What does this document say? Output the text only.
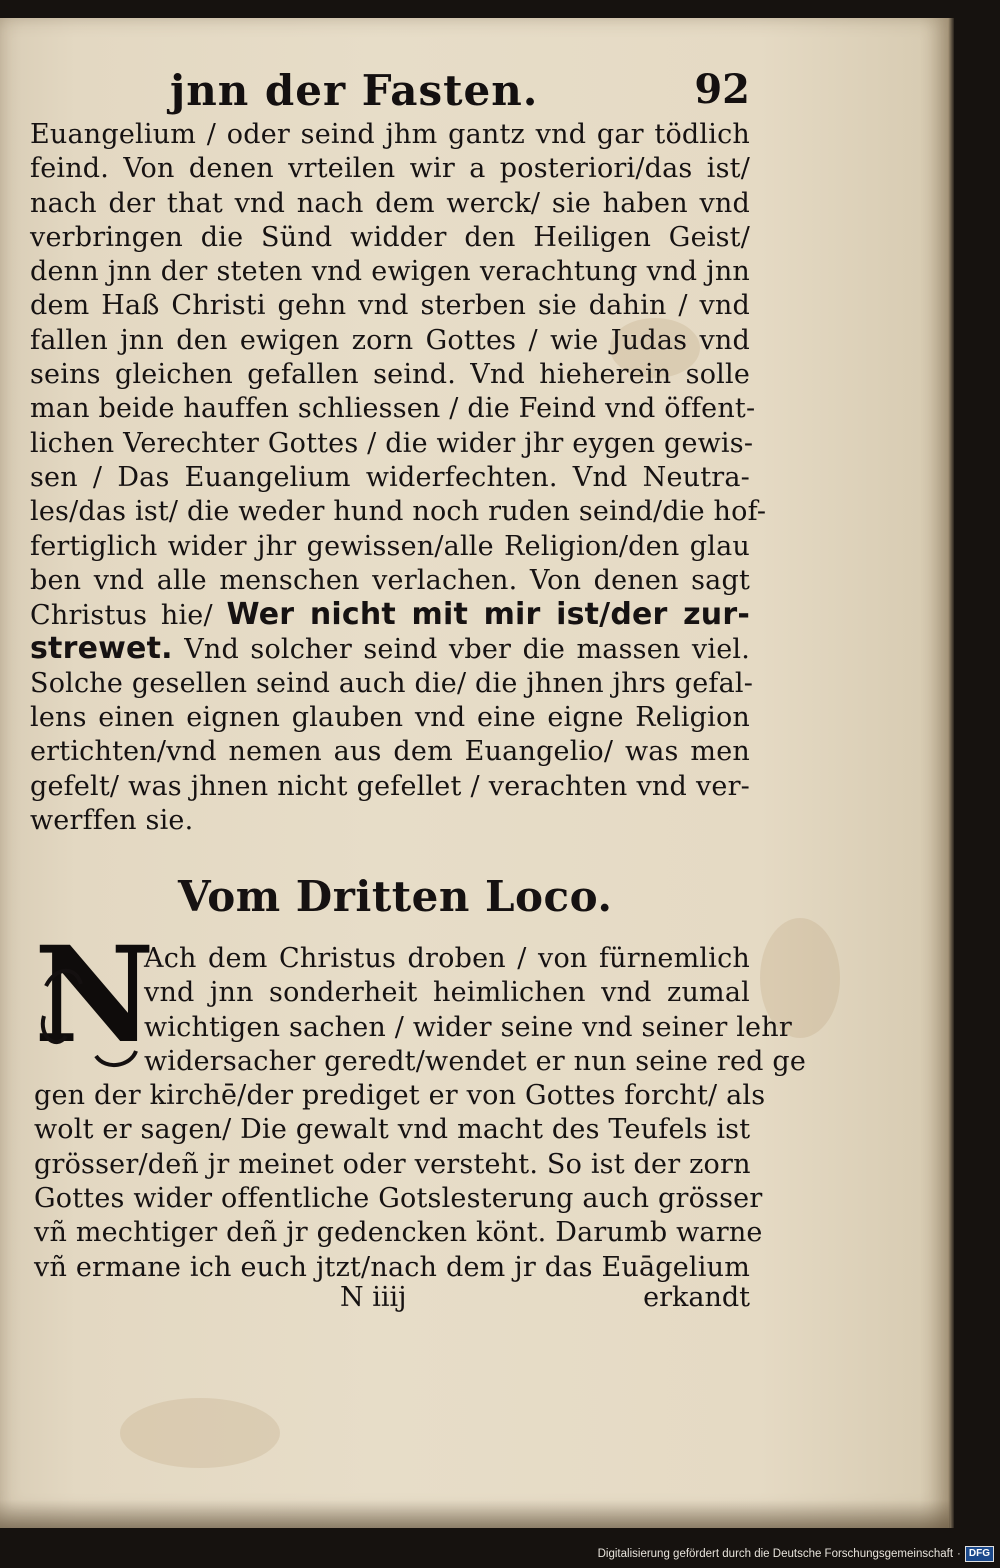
jnn der Fasten.	92
Euangelium / oder seind jhm gantz vnd gar tödlich
feind. Von denen vrteilen wir a posteriori/das ist/
nach der that vnd nach dem werck/ sie haben vnd
verbringen die Sünd widder den Heiligen Geist/
denn jnn der steten vnd ewigen verachtung vnd jnn
dem Haß Christi gehn vnd sterben sie dahin / vnd
fallen jnn den ewigen zorn Gottes / wie Judas vnd
seins gleichen gefallen seind. Vnd hieherein solle
man beide hauffen schliessen / die Feind vnd öffent-
lichen Verechter Gottes / die wider jhr eygen gewis-
sen / Das Euangelium widerfechten. Vnd Neutra-
les/das ist/ die weder hund noch ruden seind/die hof-
fertiglich wider jhr gewissen/alle Religion/den glau
ben vnd alle menschen verlachen. Von denen sagt
Christus hie/ Wer nicht mit mir ist/der zur-
strewet. Vnd solcher seind vber die massen viel.
Solche gesellen seind auch die/ die jhnen jhrs gefal-
lens einen eignen glauben vnd eine eigne Religion
ertichten/vnd nemen aus dem Euangelio/ was men
gefelt/ was jhnen nicht gefellet / verachten vnd ver-
werffen sie.
Vom Dritten Loco.
N
Ach dem Christus droben / von fürnemlich
vnd jnn sonderheit heimlichen vnd zumal
wichtigen sachen / wider seine vnd seiner lehr
widersacher geredt/wendet er nun seine red ge
gen der kirchē/der prediget er von Gottes forcht/ als
wolt er sagen/ Die gewalt vnd macht des Teufels ist
grösser/deñ jr meinet oder versteht. So ist der zorn
Gottes wider offentliche Gotslesterung auch grösser
vñ mechtiger deñ jr gedencken könt. Darumb warne
vñ ermane ich euch jtzt/nach dem jr das Euāgelium
N iiij	erkandt
Digitalisierung gefördert durch die Deutsche Forschungsgemeinschaft · DFG
